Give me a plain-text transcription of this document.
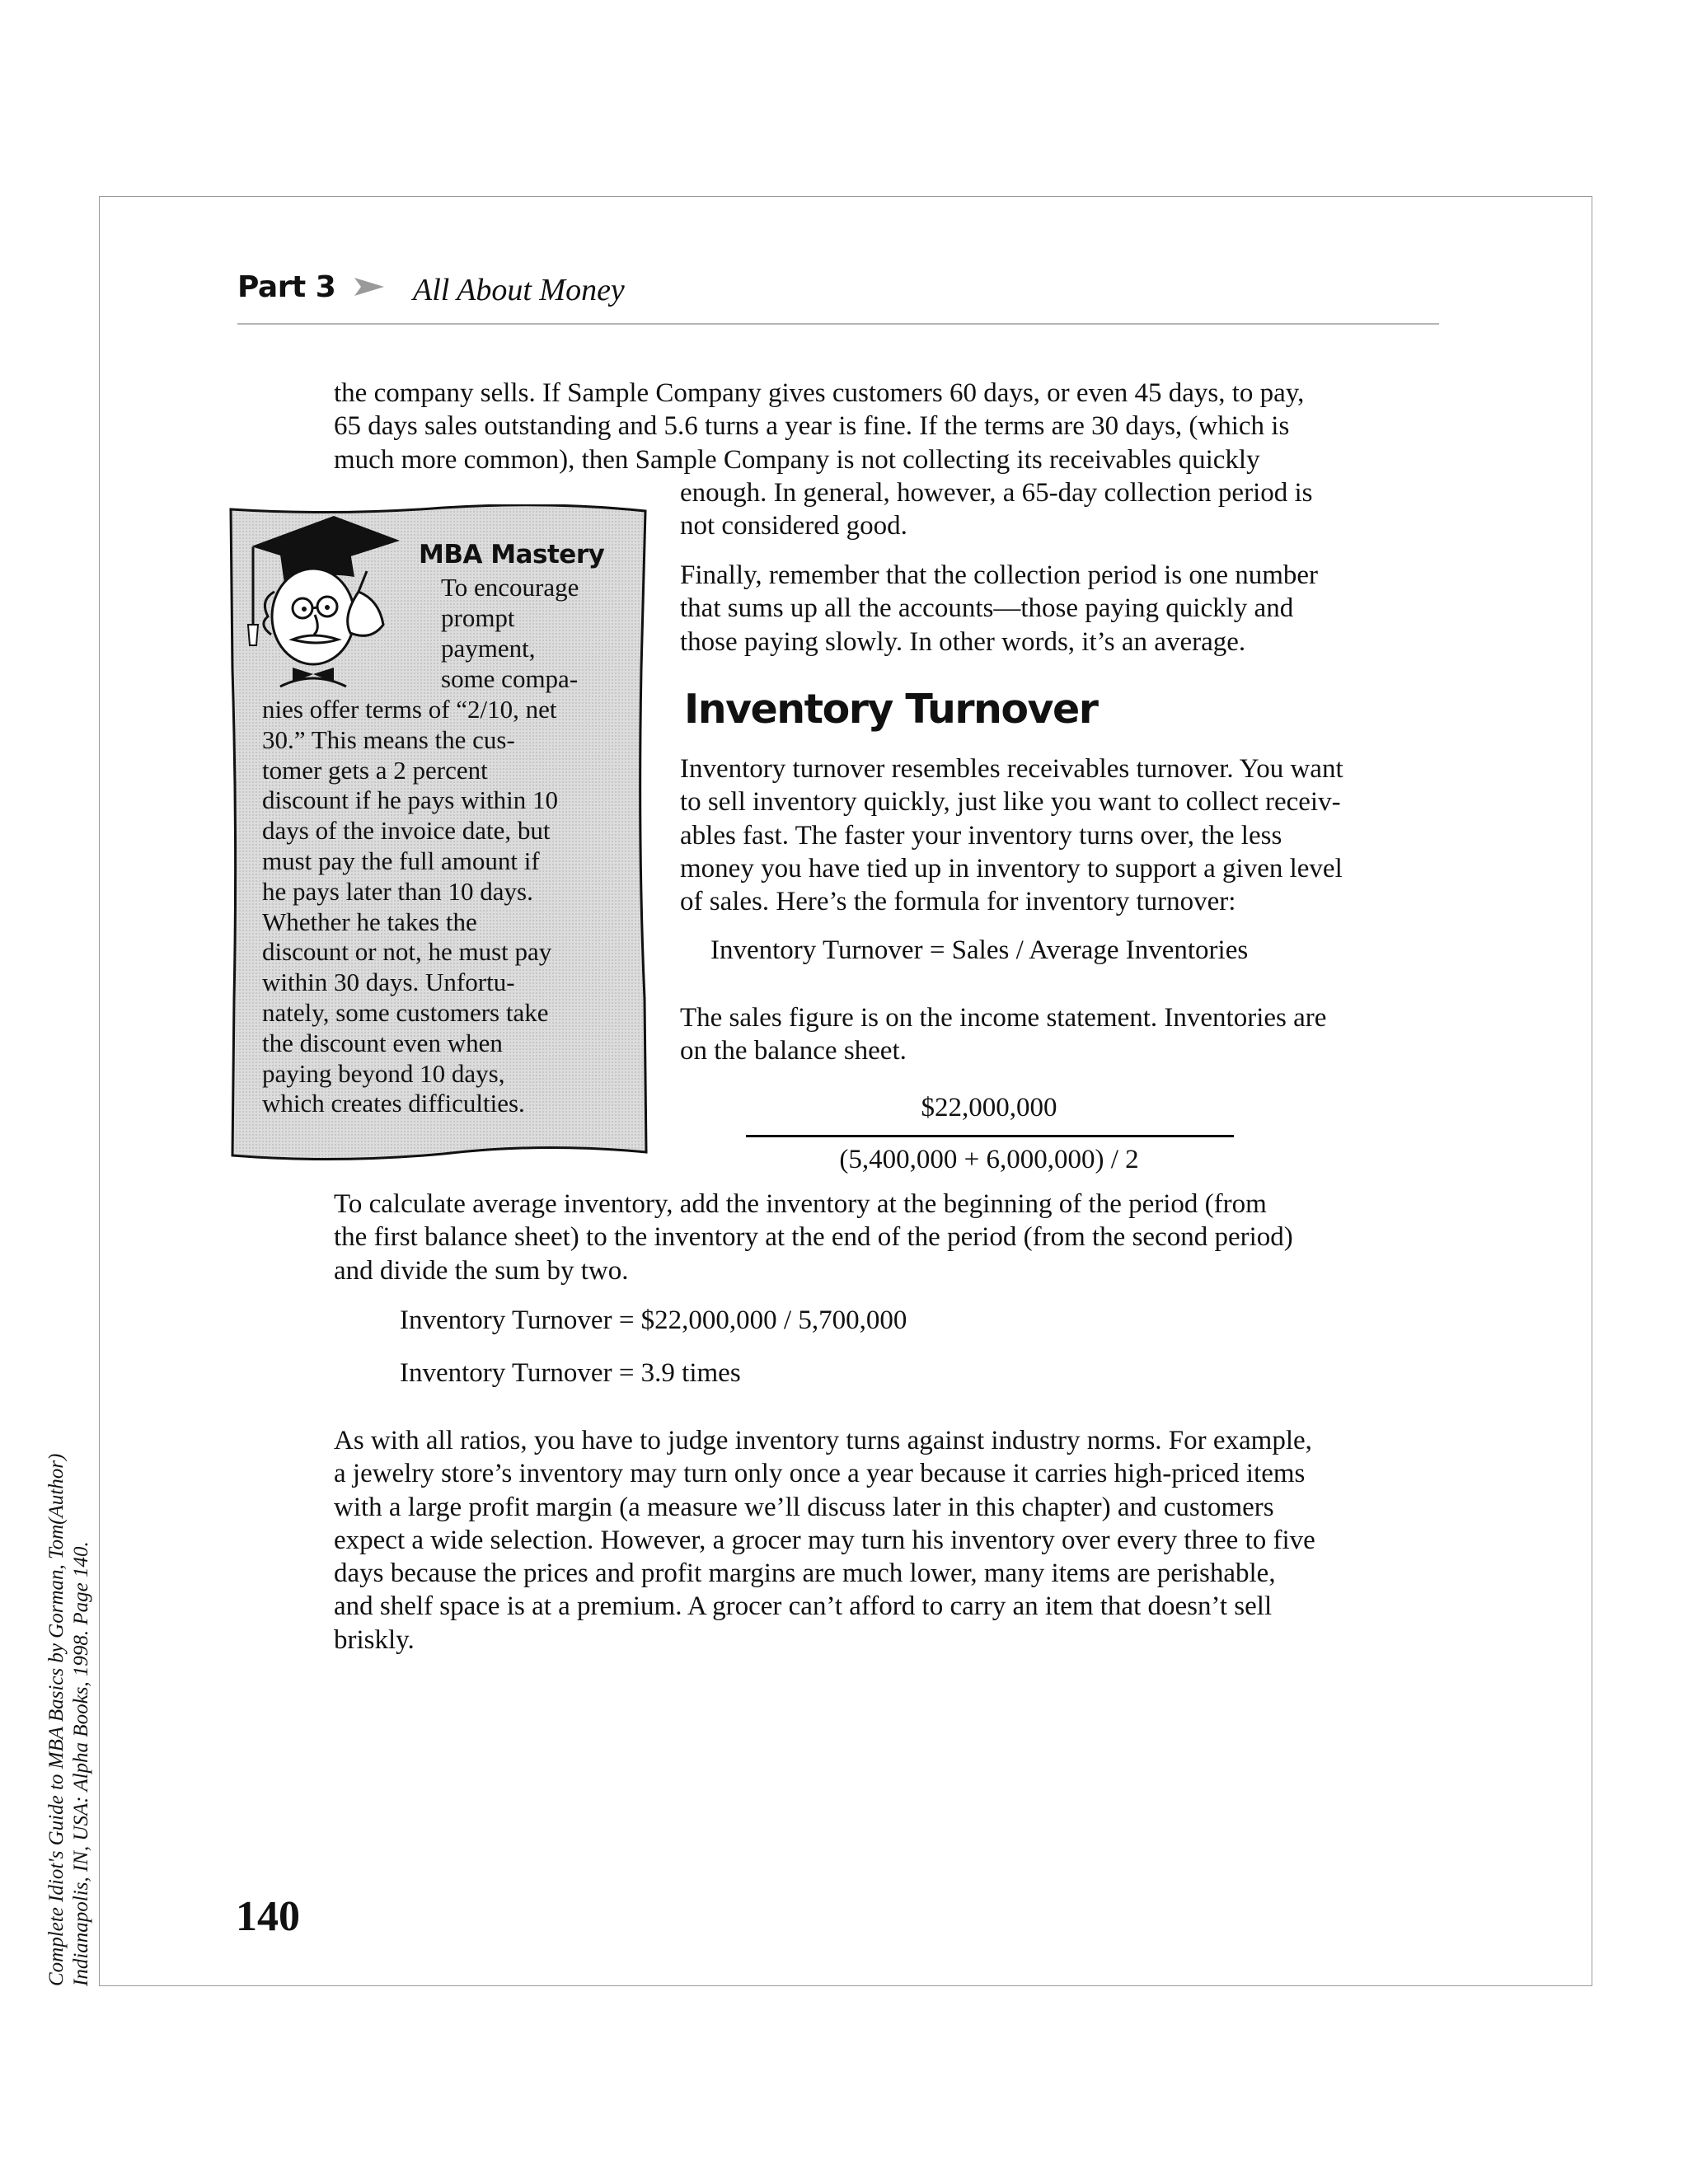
Part 3 All About Money

the company sells. If Sample Company gives customers 60 days, or even 45 days, to pay,
65 days sales outstanding and 5.6 turns a year is fine. If the terms are 30 days, (which is
much more common), then Sample Company is not collecting its receivables quickly

enough. In general, however, a 65-day collection period is
not considered good.

Finally, remember that the collection period is one number
that sums up all the accounts—those paying quickly and
those paying slowly. In other words, it’s an average.

Inventory Turnover

Inventory turnover resembles receivables turnover. You want
to sell inventory quickly, just like you want to collect receiv-
ables fast. The faster your inventory turns over, the less
money you have tied up in inventory to support a given level
of sales. Here’s the formula for inventory turnover:

Inventory Turnover = Sales / Average Inventories

The sales figure is on the income statement. Inventories are
on the balance sheet.

$22,000,000
(5,400,000 + 6,000,000) / 2

To calculate average inventory, add the inventory at the beginning of the period (from
the first balance sheet) to the inventory at the end of the period (from the second period)
and divide the sum by two.

Inventory Turnover = $22,000,000 / 5,700,000

Inventory Turnover = 3.9 times

As with all ratios, you have to judge inventory turns against industry norms. For example,
a jewelry store’s inventory may turn only once a year because it carries high-priced items
with a large profit margin (a measure we’ll discuss later in this chapter) and customers
expect a wide selection. However, a grocer may turn his inventory over every three to five
days because the prices and profit margins are much lower, many items are perishable,
and shelf space is at a premium. A grocer can’t afford to carry an item that doesn’t sell
briskly.

MBA Mastery

To encourage

prompt

payment,

some compa-

nies offer terms of “2/10, net

30.” This means the cus-

tomer gets a 2 percent

discount if he pays within 10

days of the invoice date, but

must pay the full amount if

he pays later than 10 days.

Whether he takes the

discount or not, he must pay

within 30 days. Unfortu-

nately, some customers take

the discount even when

paying beyond 10 days,

which creates difficulties.

140
Complete Idiot's Guide to MBA Basics by Gorman, Tom(Author) Indianapolis, IN, USA: Alpha Books, 1998. Page 140.
